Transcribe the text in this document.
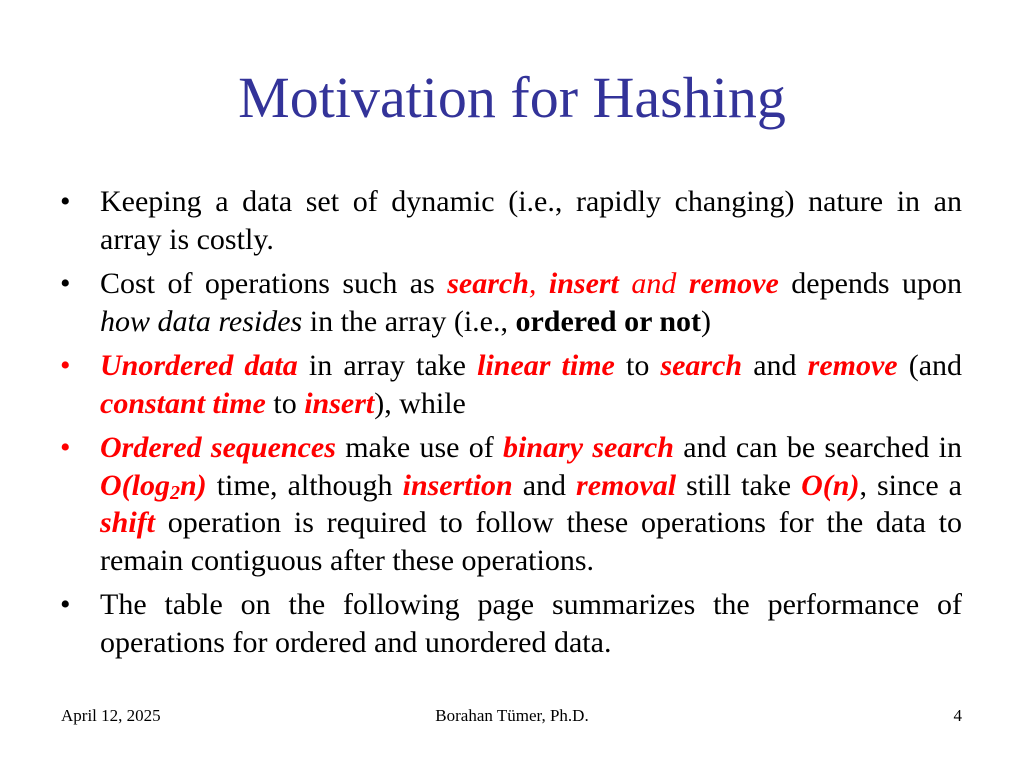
Motivation for Hashing
• Keeping a data set of dynamic (i.e., rapidly changing) nature in an array is costly.
• Cost of operations such as search, insert and remove depends upon how data resides in the array (i.e., ordered or not)
• Unordered data in array take linear time to search and remove (and constant time to insert), while
• Ordered sequences make use of binary search and can be searched in $O(\log_2n)$ time, although insertion and removal still take O(n), since a shift operation is required to follow these operations for the data to remain contiguous after these operations.
• The table on the following page summarizes the performance of operations for ordered and unordered data.
April 12, 2025	Borahan Tümer, Ph.D.	4
